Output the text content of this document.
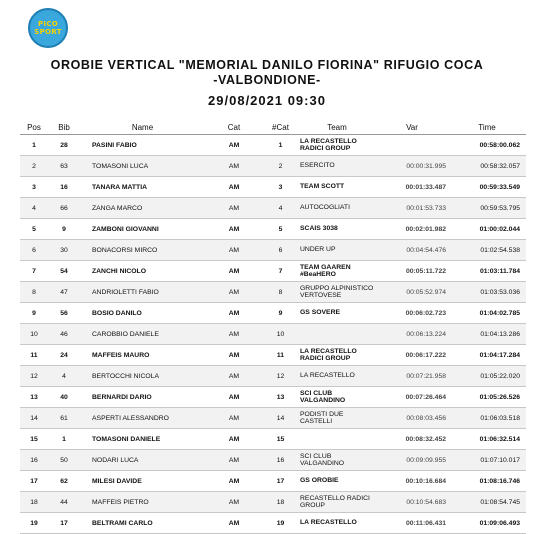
PICO
SPORT
OROBIE VERTICAL "MEMORIAL DANILO FIORINA" RIFUGIO COCA
-VALBONDIONE-
29/08/2021 09:30
Pos	Bib	Name	Cat	#Cat	Team	Var	Time
1	28	PASINI FABIO	AM	1	LA RECASTELLO RADICI GROUP		00:58:00.062
2	63	TOMASONI LUCA	AM	2	ESERCITO	00:00:31.995	00:58:32.057
3	16	TANARA MATTIA	AM	3	TEAM SCOTT	00:01:33.487	00:59:33.549
4	66	ZANGA MARCO	AM	4	AUTOCOGLIATI	00:01:53.733	00:59:53.795
5	9	ZAMBONI GIOVANNI	AM	5	SCAIS 3038	00:02:01.982	01:00:02.044
6	30	BONACORSI MIRCO	AM	6	UNDER UP	00:04:54.476	01:02:54.538
7	54	ZANCHI NICOLO	AM	7	TEAM GAAREN #BeaHERO	00:05:11.722	01:03:11.784
8	47	ANDRIOLETTI FABIO	AM	8	GRUPPO ALPINISTICO VERTOVESE	00:05:52.974	01:03:53.036
9	56	BOSIO DANILO	AM	9	GS SOVERE	00:06:02.723	01:04:02.785
10	46	CAROBBIO DANIELE	AM	10		00:06:13.224	01:04:13.286
11	24	MAFFEIS MAURO	AM	11	LA RECASTELLO RADICI GROUP	00:06:17.222	01:04:17.284
12	4	BERTOCCHI NICOLA	AM	12	LA RECASTELLO	00:07:21.958	01:05:22.020
13	40	BERNARDI DARIO	AM	13	SCI CLUB VALGANDINO	00:07:26.464	01:05:26.526
14	61	ASPERTI ALESSANDRO	AM	14	PODISTI DUE CASTELLI	00:08:03.456	01:06:03.518
15	1	TOMASONI DANIELE	AM	15		00:08:32.452	01:06:32.514
16	50	NODARI LUCA	AM	16	SCI CLUB VALGANDINO	00:09:09.955	01:07:10.017
17	62	MILESI DAVIDE	AM	17	GS OROBIE	00:10:16.684	01:08:16.746
18	44	MAFFEIS PIETRO	AM	18	RECASTELLO RADICI GROUP	00:10:54.683	01:08:54.745
19	17	BELTRAMI CARLO	AM	19	LA RECASTELLO	00:11:06.431	01:09:06.493
